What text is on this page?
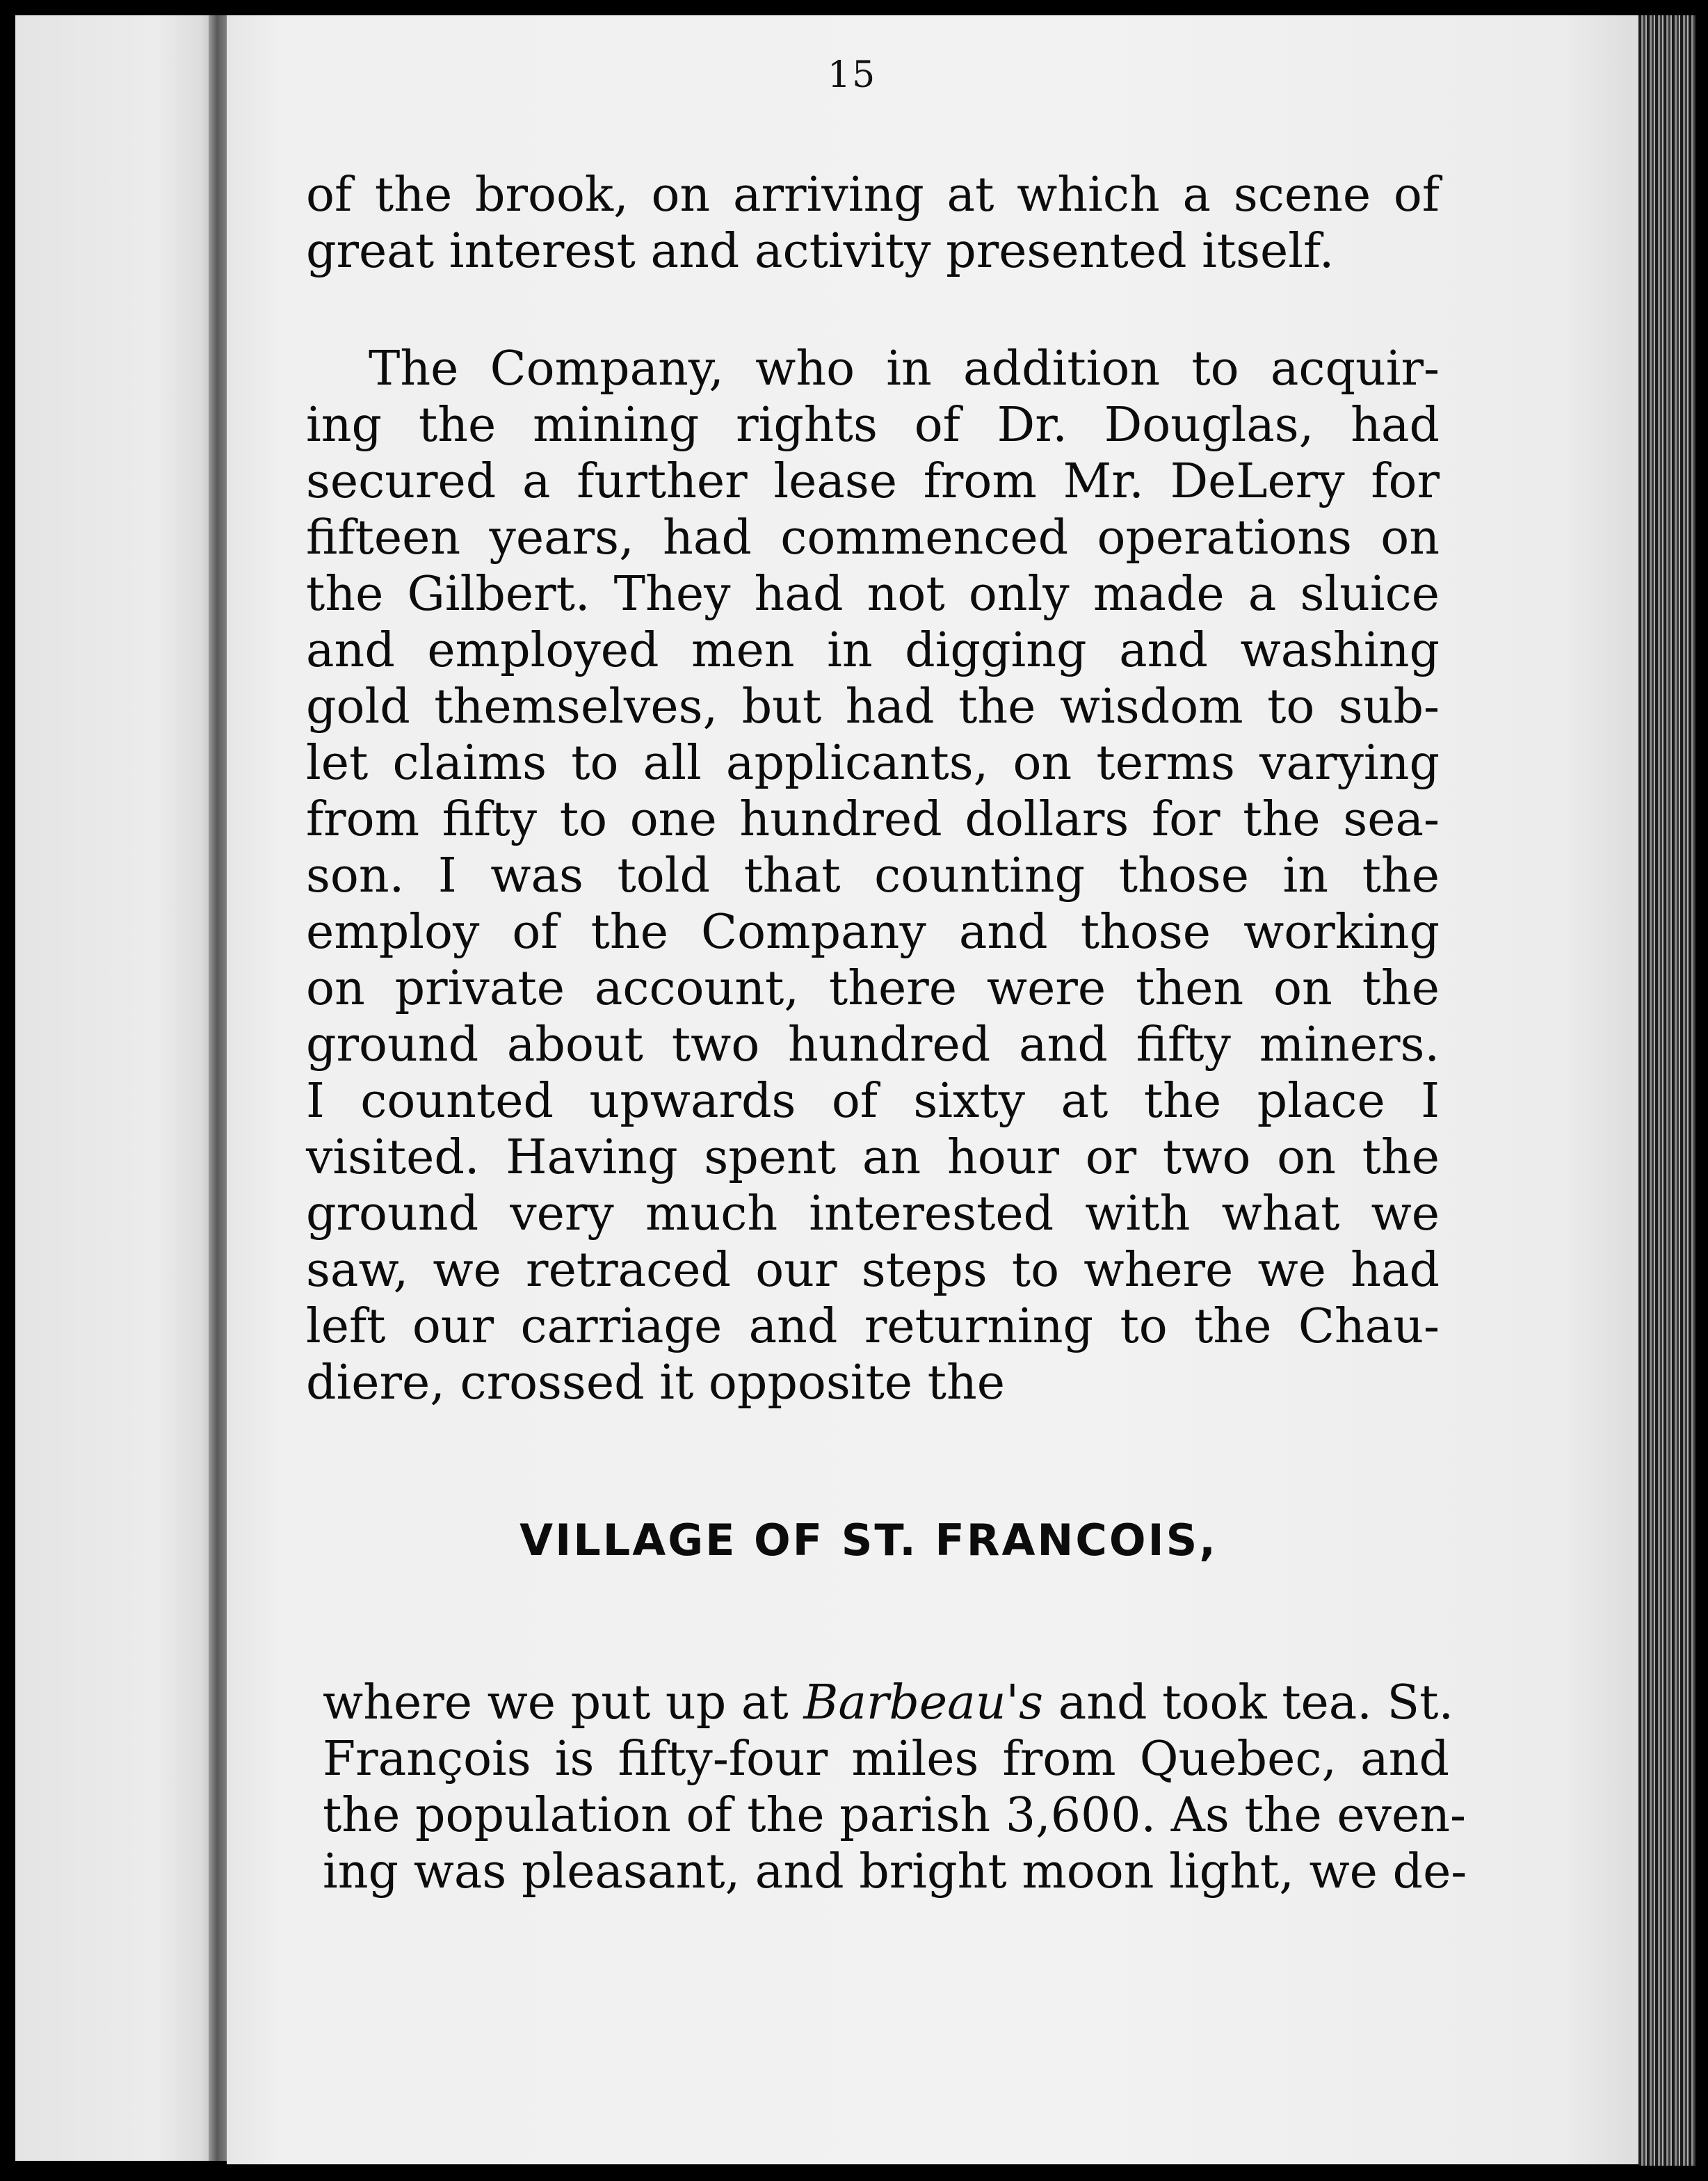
15
of the brook, on arriving at which a scene of
great interest and activity presented itself.
The Company, who in addition to acquir-
ing the mining rights of Dr. Douglas, had
secured a further lease from Mr. DeLery for
fifteen years, had commenced operations on
the Gilbert. They had not only made a sluice
and employed men in digging and washing
gold themselves, but had the wisdom to sub-
let claims to all applicants, on terms varying
from fifty to one hundred dollars for the sea-
son. I was told that counting those in the
employ of the Company and those working
on private account, there were then on the
ground about two hundred and fifty miners.
I counted upwards of sixty at the place I
visited. Having spent an hour or two on the
ground very much interested with what we
saw, we retraced our steps to where we had
left our carriage and returning to the Chau-
diere, crossed it opposite the
VILLAGE OF ST. FRANCOIS,
where we put up at Barbeau's and took tea. St.
François is fifty-four miles from Quebec, and
the population of the parish 3,600. As the even-
ing was pleasant, and bright moon light, we de-
